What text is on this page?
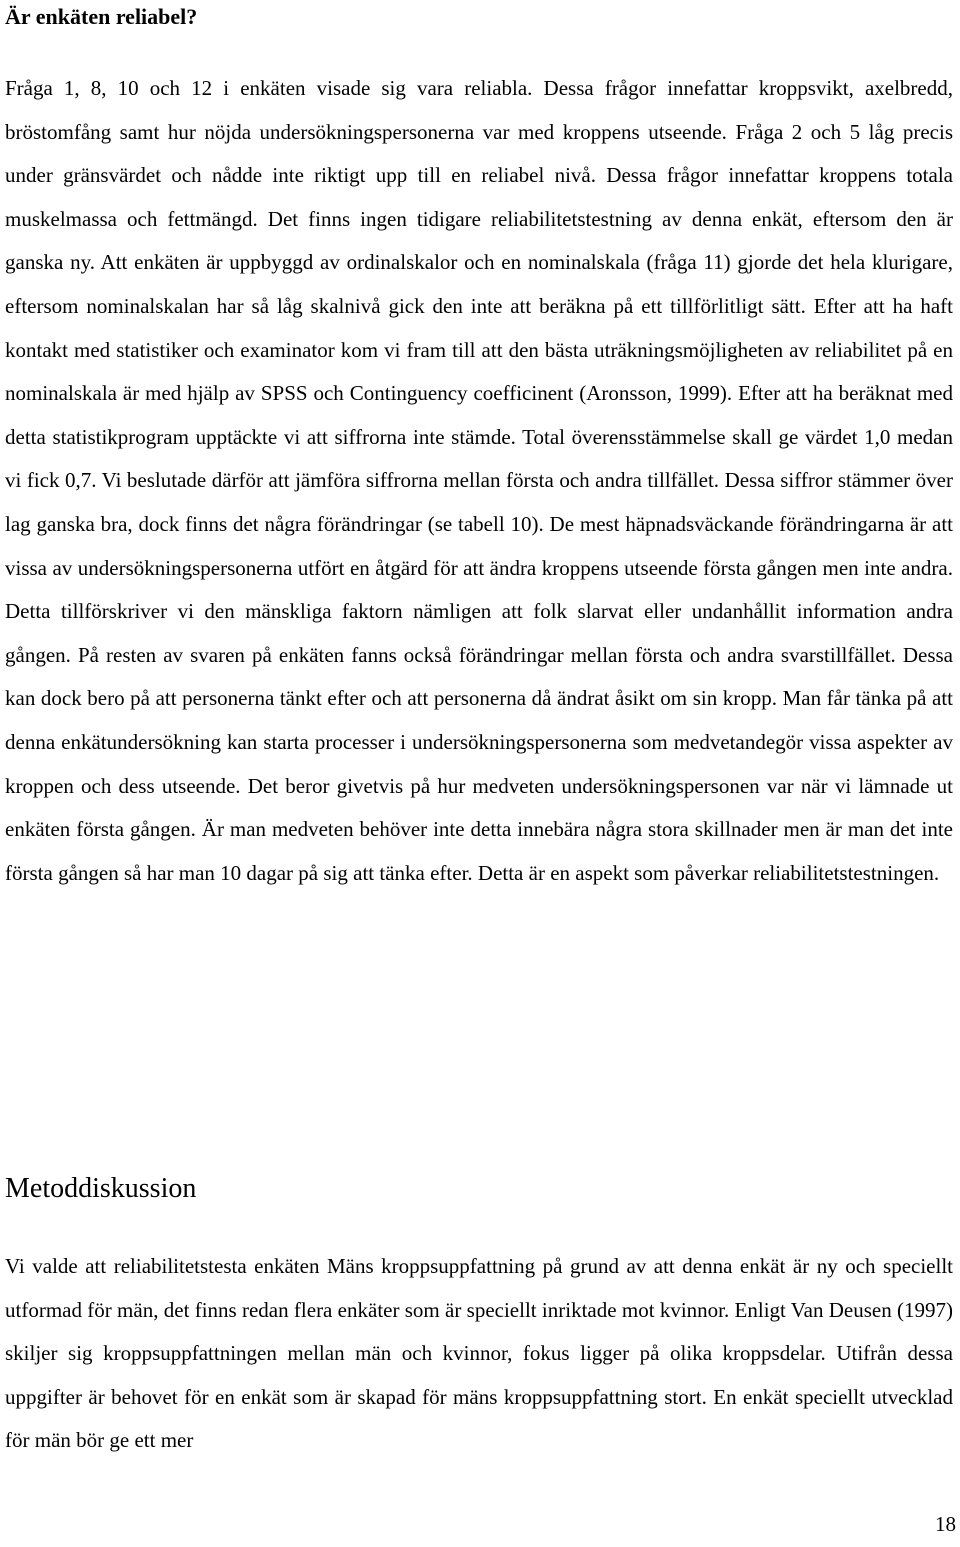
Är enkäten reliabel?

Fråga 1, 8, 10 och 12 i enkäten visade sig vara reliabla. Dessa frågor innefattar kroppsvikt, axelbredd, bröstomfång samt hur nöjda undersökningspersonerna var med kroppens utseende. Fråga 2 och 5 låg precis under gränsvärdet och nådde inte riktigt upp till en reliabel nivå. Dessa frågor innefattar kroppens totala muskelmassa och fettmängd. Det finns ingen tidigare reliabilitetstestning av denna enkät, eftersom den är ganska ny. Att enkäten är uppbyggd av ordinalskalor och en nominalskala (fråga 11) gjorde det hela klurigare, eftersom nominalskalan har så låg skalnivå gick den inte att beräkna på ett tillförlitligt sätt. Efter att ha haft kontakt med statistiker och examinator kom vi fram till att den bästa uträkningsmöjligheten av reliabilitet på en nominalskala är med hjälp av SPSS och Continguency coefficinent (Aronsson, 1999). Efter att ha beräknat med detta statistikprogram upptäckte vi att siffrorna inte stämde. Total överensstämmelse skall ge värdet 1,0 medan vi fick 0,7. Vi beslutade därför att jämföra siffrorna mellan första och andra tillfället. Dessa siffror stämmer över lag ganska bra, dock finns det några förändringar (se tabell 10). De mest häpnadsväckande förändringarna är att vissa av undersökningspersonerna utfört en åtgärd för att ändra kroppens utseende första gången men inte andra. Detta tillförskriver vi den mänskliga faktorn nämligen att folk slarvat eller undanhållit information andra gången. På resten av svaren på enkäten fanns också förändringar mellan första och andra svarstillfället. Dessa kan dock bero på att personerna tänkt efter och att personerna då ändrat åsikt om sin kropp. Man får tänka på att denna enkätundersökning kan starta processer i undersökningspersonerna som medvetandegör vissa aspekter av kroppen och dess utseende. Det beror givetvis på hur medveten undersökningspersonen var när vi lämnade ut enkäten första gången. Är man medveten behöver inte detta innebära några stora skillnader men är man det inte första gången så har man 10 dagar på sig att tänka efter. Detta är en aspekt som påverkar reliabilitetstestningen.

Metoddiskussion

Vi valde att reliabilitetstesta enkäten Mäns kroppsuppfattning på grund av att denna enkät är ny och speciellt utformad för män, det finns redan flera enkäter som är speciellt inriktade mot kvinnor. Enligt Van Deusen (1997) skiljer sig kroppsuppfattningen mellan män och kvinnor, fokus ligger på olika kroppsdelar. Utifrån dessa uppgifter är behovet för en enkät som är skapad för mäns kroppsuppfattning stort. En enkät speciellt utvecklad för män bör ge ett mer

18
